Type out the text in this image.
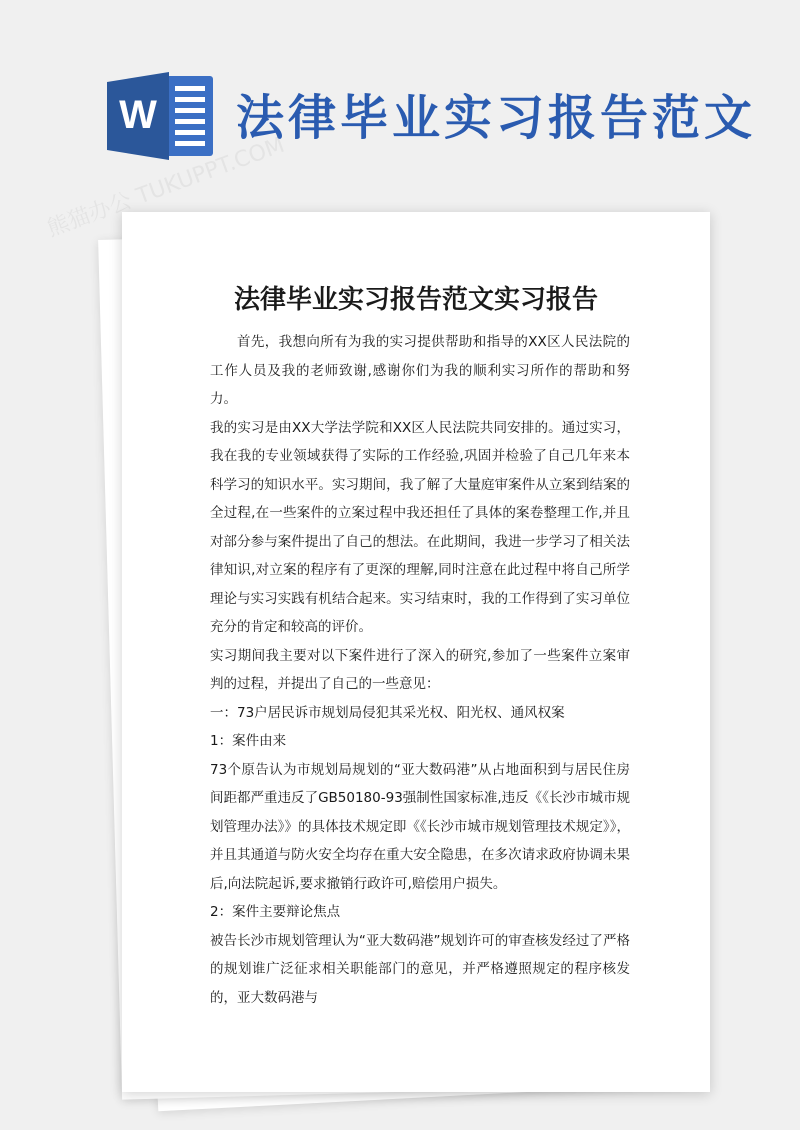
W 法律毕业实习报告范文
熊猫办公 TUKUPPT.COM
法律毕业实习报告范文实习报告

首先，我想向所有为我的实习提供帮助和指导的XX区人民法院的工作人员及我的老师致谢,感谢你们为我的顺利实习所作的帮助和努力。

我的实习是由XX大学法学院和XX区人民法院共同安排的。通过实习，我在我的专业领域获得了实际的工作经验,巩固并检验了自己几年来本科学习的知识水平。实习期间，我了解了大量庭审案件从立案到结案的全过程,在一些案件的立案过程中我还担任了具体的案卷整理工作,并且对部分参与案件提出了自己的想法。在此期间，我进一步学习了相关法律知识,对立案的程序有了更深的理解,同时注意在此过程中将自己所学理论与实习实践有机结合起来。实习结束时，我的工作得到了实习单位充分的肯定和较高的评价。

实习期间我主要对以下案件进行了深入的研究,参加了一些案件立案审判的过程，并提出了自己的一些意见：

一：73户居民诉市规划局侵犯其采光权、阳光权、通风权案

1：案件由来

73个原告认为市规划局规划的“亚大数码港”从占地面积到与居民住房间距都严重违反了GB50180-93强制性国家标准,违反《《长沙市城市规划管理办法》》的具体技术规定即《《长沙市城市规划管理技术规定》》，并且其通道与防火安全均存在重大安全隐患，在多次请求政府协调未果后,向法院起诉,要求撤销行政许可,赔偿用户损失。

2：案件主要辩论焦点

被告长沙市规划管理认为“亚大数码港”规划许可的审查核发经过了严格的规划谁广泛征求相关职能部门的意见，并严格遵照规定的程序核发的，亚大数码港与
